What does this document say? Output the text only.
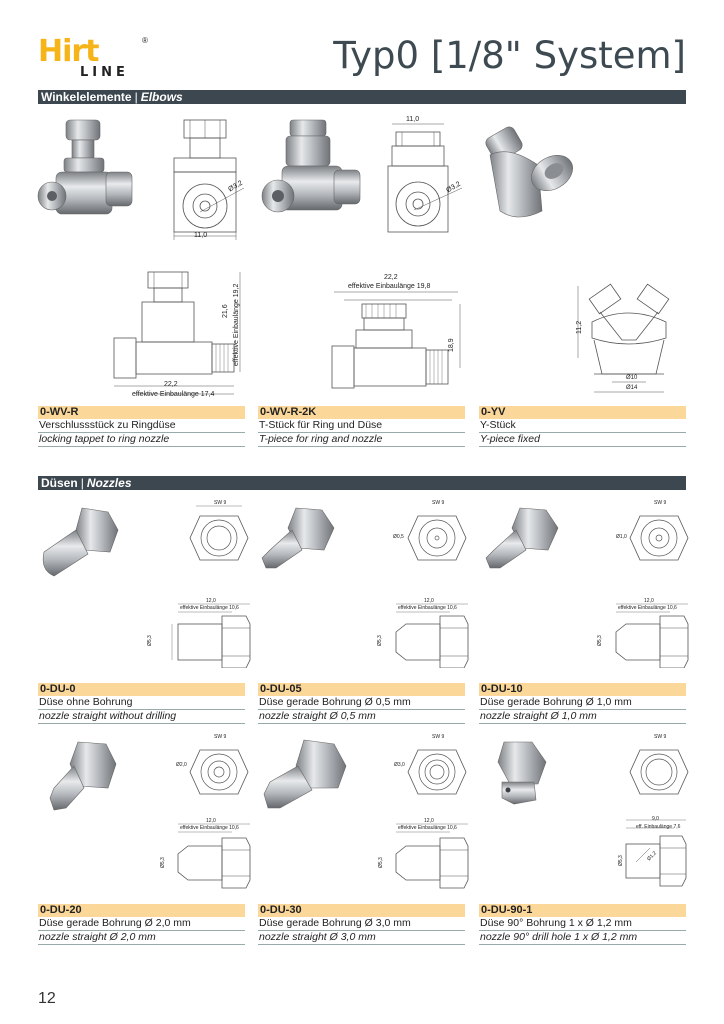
Hirt	®
LINE	Typ0 [1/8" System]
Winkelelemente | Elbows
11,0
Ø3,2
11,0
Ø3,2
22,2
effektive Einbaulänge 17,4
21,6 effektive Einbaulänge 19,2
22,2
effektive Einbaulänge 19,8
18,9
11,2
Ø10
Ø14
0-WV-R
Verschlussstück zu Ringdüse
locking tappet to ring nozzle
0-WV-R-2K
T-Stück für Ring und Düse
T-piece for ring and nozzle
0-YV
Y-Stück
Y-piece fixed
Düsen | Nozzles
SW 9
12,0
effektive Einbaulänge 10,6
Ø5,3
SW 9
Ø0,5
12,0
effektive Einbaulänge 10,6
Ø5,3
SW 9
Ø1,0
12,0
effektive Einbaulänge 10,6
Ø5,3
0-DU-0
Düse ohne Bohrung
nozzle straight without drilling
0-DU-05
Düse gerade Bohrung Ø 0,5 mm
nozzle straight Ø 0,5 mm
0-DU-10
Düse gerade Bohrung Ø 1,0 mm
nozzle straight Ø 1,0 mm
SW 9
Ø2,0
12,0
effektive Einbaulänge 10,6
Ø5,3
SW 9
Ø3,0
12,0
effektive Einbaulänge 10,6
Ø5,3
SW 9
9,0
eff. Einbaulänge 7,6
Ø1,2
Ø5,3
0-DU-20
Düse gerade Bohrung Ø 2,0 mm
nozzle straight Ø 2,0 mm
0-DU-30
Düse gerade Bohrung Ø 3,0 mm
nozzle straight Ø 3,0 mm
0-DU-90-1
Düse 90° Bohrung 1 x Ø 1,2 mm
nozzle 90° drill hole 1 x Ø 1,2 mm
12
